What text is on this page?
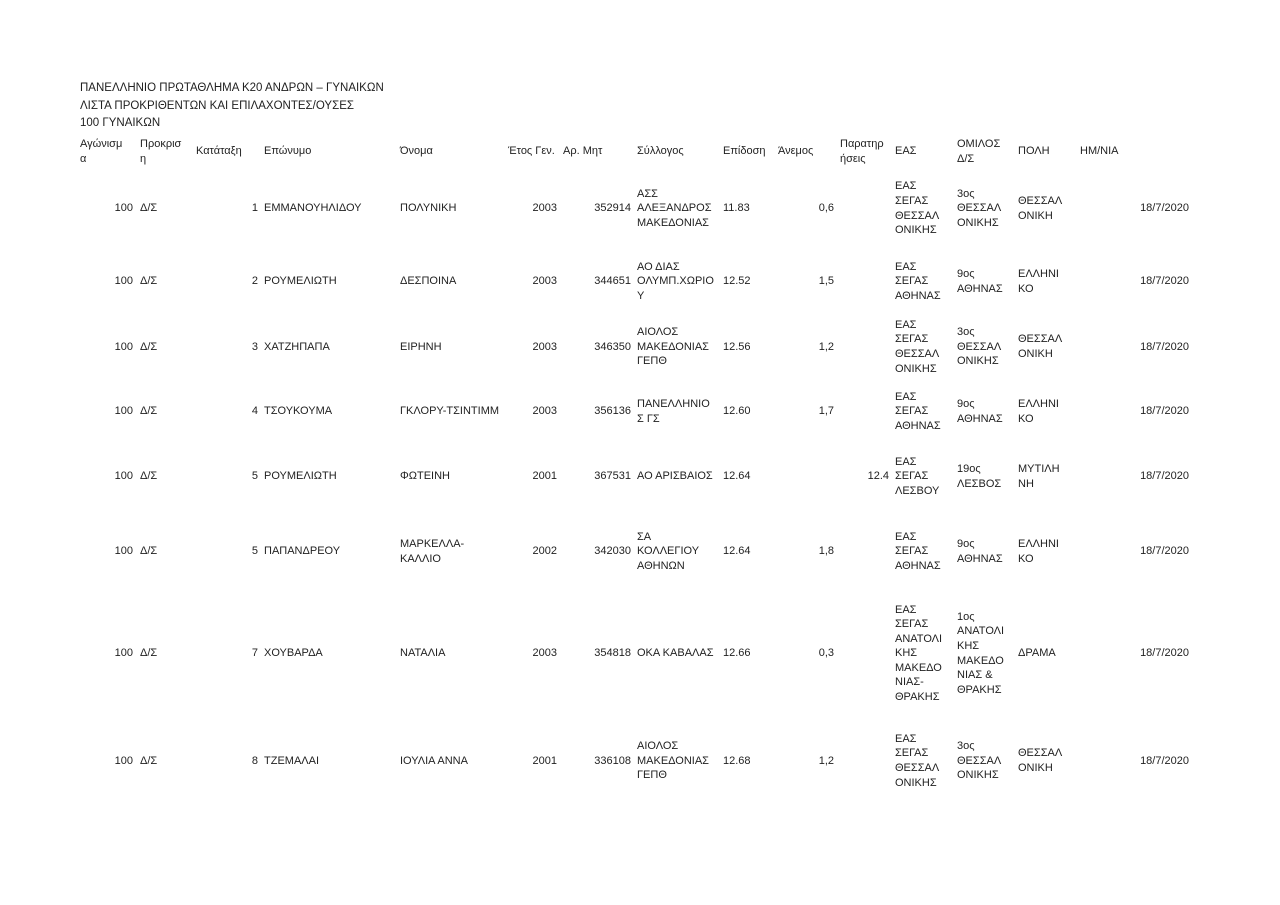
ΠΑΝΕΛΛΗΝΙΟ ΠΡΩΤΑΘΛΗΜΑ Κ20 ΑΝΔΡΩΝ – ΓΥΝΑΙΚΩΝ
ΛΙΣΤΑ ΠΡΟΚΡΙΘΕΝΤΩΝ ΚΑΙ ΕΠΙΛΑΧΟΝΤΕΣ/ΟΥΣΕΣ
100 ΓΥΝΑΙΚΩΝ
Αγώνισμα	Προκριση	Κατάταξη	Επώνυμο	Όνομα	Έτος Γεν.	Αρ. Μητ	Σύλλογος	Επίδοση	Άνεμος	Παρατηρήσεις	ΕΑΣ	ΟΜΙΛΟΣ Δ/Σ	ΠΟΛΗ	ΗΜ/ΝΙΑ
100	Δ/Σ	1	ΕΜΜΑΝΟΥΗΛΙΔΟΥ	ΠΟΛΥΝΙΚΗ	2003	352914	ΑΣΣ ΑΛΕΞΑΝΔΡΟΣ ΜΑΚΕΔΟΝΙΑΣ	11.83	0,6		ΕΑΣ ΣΕΓΑΣ ΘΕΣΣΑΛΟΝΙΚΗΣ	3ος ΘΕΣΣΑΛΟΝΙΚΗΣ	ΘΕΣΣΑΛΟΝΙΚΗ	18/7/2020
100	Δ/Σ	2	ΡΟΥΜΕΛΙΩΤΗ	ΔΕΣΠΟΙΝΑ	2003	344651	ΑΟ ΔΙΑΣ ΟΛΥΜΠ.ΧΩΡΙΟΥ	12.52	1,5		ΕΑΣ ΣΕΓΑΣ ΑΘΗΝΑΣ	9ος ΑΘΗΝΑΣ	ΕΛΛΗΝΙΚΟ	18/7/2020
100	Δ/Σ	3	ΧΑΤΖΗΠΑΠΑ	ΕΙΡΗΝΗ	2003	346350	ΑΙΟΛΟΣ ΜΑΚΕΔΟΝΙΑΣ ΓΕΠΘ	12.56	1,2		ΕΑΣ ΣΕΓΑΣ ΘΕΣΣΑΛΟΝΙΚΗΣ	3ος ΘΕΣΣΑΛΟΝΙΚΗΣ	ΘΕΣΣΑΛΟΝΙΚΗ	18/7/2020
100	Δ/Σ	4	ΤΣΟΥΚΟΥΜΑ	ΓΚΛΟΡΥ-ΤΣΙΝΤΙΜΜ	2003	356136	ΠΑΝΕΛΛΗΝΙΟΣ ΓΣ	12.60	1,7		ΕΑΣ ΣΕΓΑΣ ΑΘΗΝΑΣ	9ος ΑΘΗΝΑΣ	ΕΛΛΗΝΙΚΟ	18/7/2020
100	Δ/Σ	5	ΡΟΥΜΕΛΙΩΤΗ	ΦΩΤΕΙΝΗ	2001	367531	ΑΟ ΑΡΙΣΒΑΙΟΣ	12.64		12.4	ΕΑΣ ΣΕΓΑΣ ΛΕΣΒΟΥ	19ος ΛΕΣΒΟΣ	ΜΥΤΙΛΗΝΗ	18/7/2020
100	Δ/Σ	5	ΠΑΠΑΝΔΡΕΟΥ	ΜΑΡΚΕΛΛΑ-ΚΑΛΛΙΟ	2002	342030	ΣΑ ΚΟΛΛΕΓΙΟΥ ΑΘΗΝΩΝ	12.64	1,8		ΕΑΣ ΣΕΓΑΣ ΑΘΗΝΑΣ	9ος ΑΘΗΝΑΣ	ΕΛΛΗΝΙΚΟ	18/7/2020
100	Δ/Σ	7	ΧΟΥΒΑΡΔΑ	ΝΑΤΑΛΙΑ	2003	354818	ΟΚΑ ΚΑΒΑΛΑΣ	12.66	0,3		ΕΑΣ ΣΕΓΑΣ ΑΝΑΤΟΛΙΚΗΣ ΜΑΚΕΔΟΝΙΑΣ-ΘΡΑΚΗΣ	1ος ΑΝΑΤΟΛΙΚΗΣ ΜΑΚΕΔΟΝΙΑΣ & ΘΡΑΚΗΣ	ΔΡΑΜΑ	18/7/2020
100	Δ/Σ	8	ΤΖΕΜΑΛΑΙ	ΙΟΥΛΙΑ ΑΝΝΑ	2001	336108	ΑΙΟΛΟΣ ΜΑΚΕΔΟΝΙΑΣ ΓΕΠΘ	12.68	1,2		ΕΑΣ ΣΕΓΑΣ ΘΕΣΣΑΛΟΝΙΚΗΣ	3ος ΘΕΣΣΑΛΟΝΙΚΗΣ	ΘΕΣΣΑΛΟΝΙΚΗ	18/7/2020
